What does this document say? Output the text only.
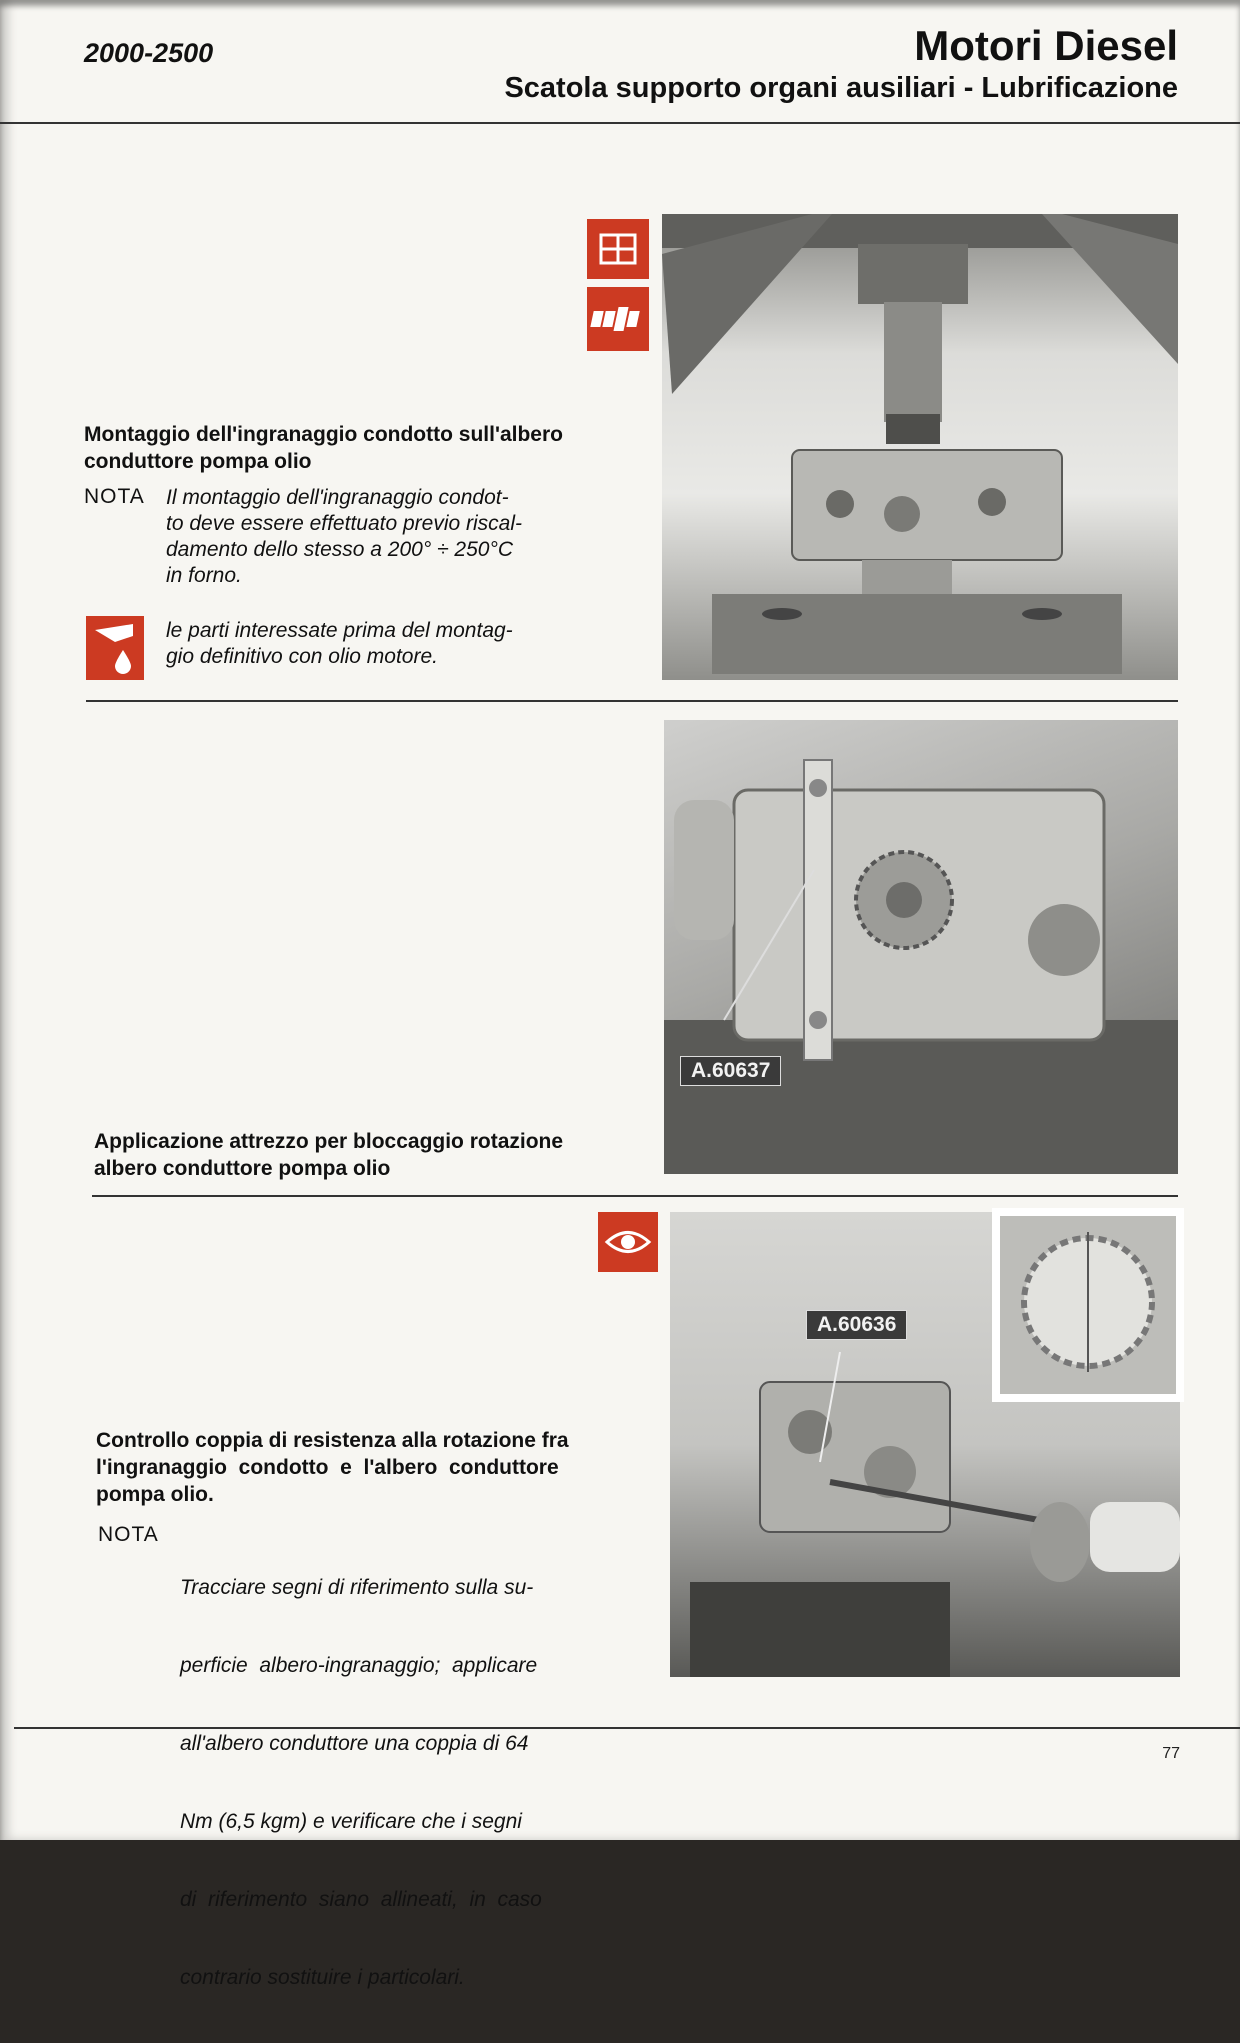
2000-2500	Motori Diesel
Scatola supporto organi ausiliari - Lubrificazione
Montaggio dell'ingranaggio condotto sull'albero
conduttore pompa olio
NOTA Il montaggio dell'ingranaggio condot-
to deve essere effettuato previo riscal-
damento dello stesso a 200° ÷ 250°C
in forno.
le parti interessate prima del montag-
gio definitivo con olio motore.
A.60637
Applicazione attrezzo per bloccaggio rotazione
albero conduttore pompa olio
A.60636
Controllo coppia di resistenza alla rotazione fra
l'ingranaggio  condotto  e  l'albero  conduttore
pompa olio.
NOTA

Tracciare segni di riferimento sulla su-

perficie  albero-ingranaggio;  applicare

all'albero conduttore una coppia di 64

Nm (6,5 kgm) e verificare che i segni

di  riferimento  siano  allineati,  in  caso

contrario sostituire i particolari.

77
